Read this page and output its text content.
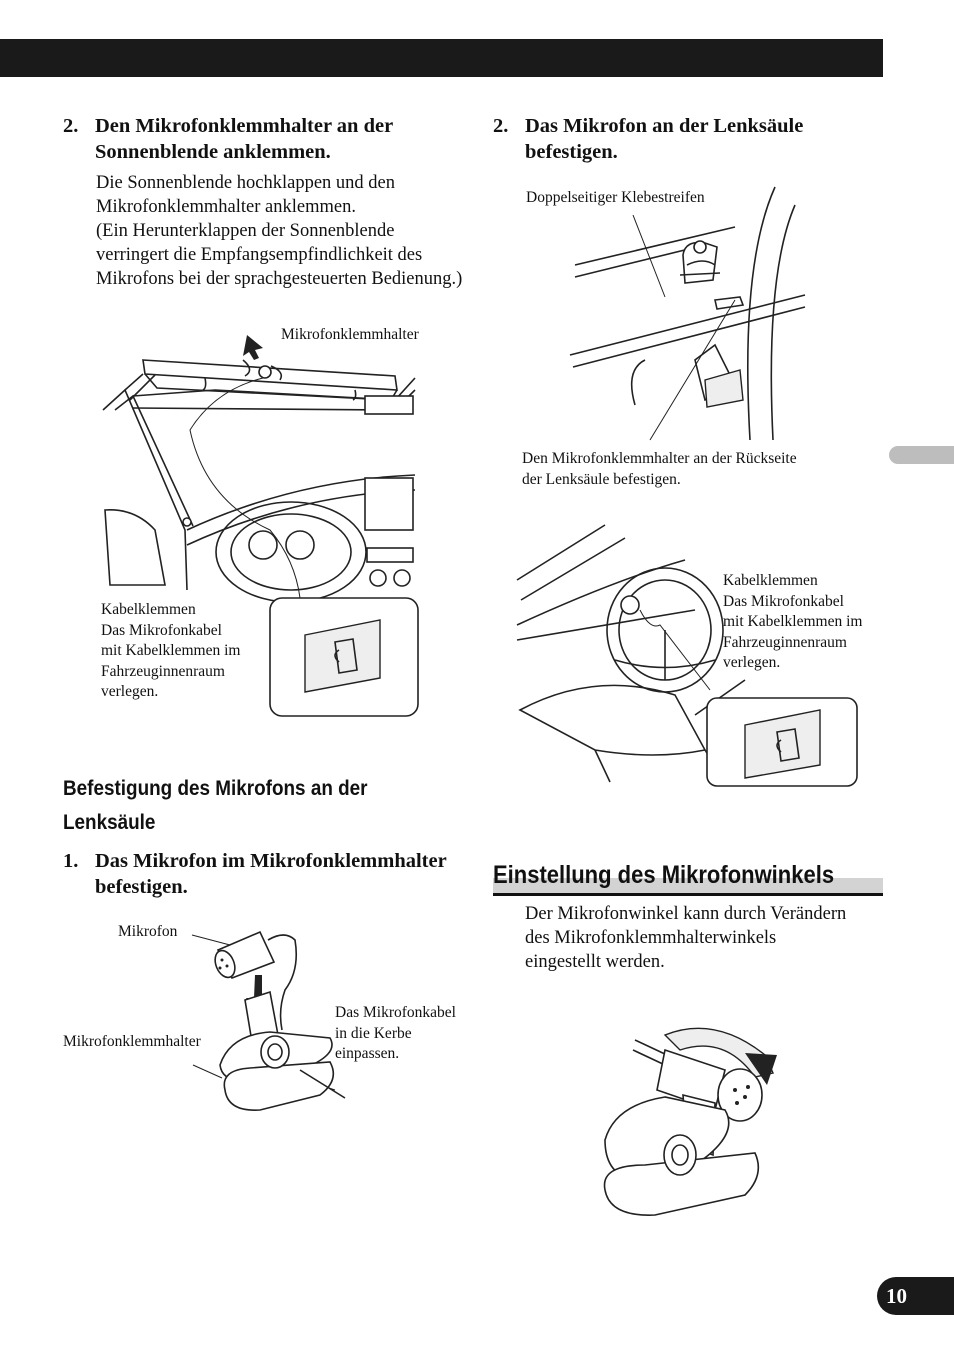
10
2. Den Mikrofonklemmhalter an der Sonnenblende anklemmen.
Die Sonnenblende hochklappen und den Mikrofonklemmhalter anklemmen.
(Ein Herunterklappen der Sonnenblende verringert die Empfangsempfindlichkeit des Mikrofons bei der sprachgesteuerten Bedienung.)
Mikrofonklemmhalter
Kabelklemmen
Das Mikrofonkabel
mit Kabelklemmen im
Fahrzeuginnenraum
verlegen.
Befestigung des Mikrofons an der Lenksäule
1. Das Mikrofon im Mikrofonklemmhalter befestigen.
Mikrofon
Mikrofonklemmhalter
Das Mikrofonkabel
in die Kerbe
einpassen.
2. Das Mikrofon an der Lenksäule befestigen.
Doppelseitiger Klebestreifen
Den Mikrofonklemmhalter an der Rückseite
der Lenksäule befestigen.
Kabelklemmen
Das Mikrofonkabel
mit Kabelklemmen im
Fahrzeuginnenraum
verlegen.
Einstellung des Mikrofonwinkels
Der Mikrofonwinkel kann durch Verändern des Mikrofonklemmhalterwinkels eingestellt werden.
